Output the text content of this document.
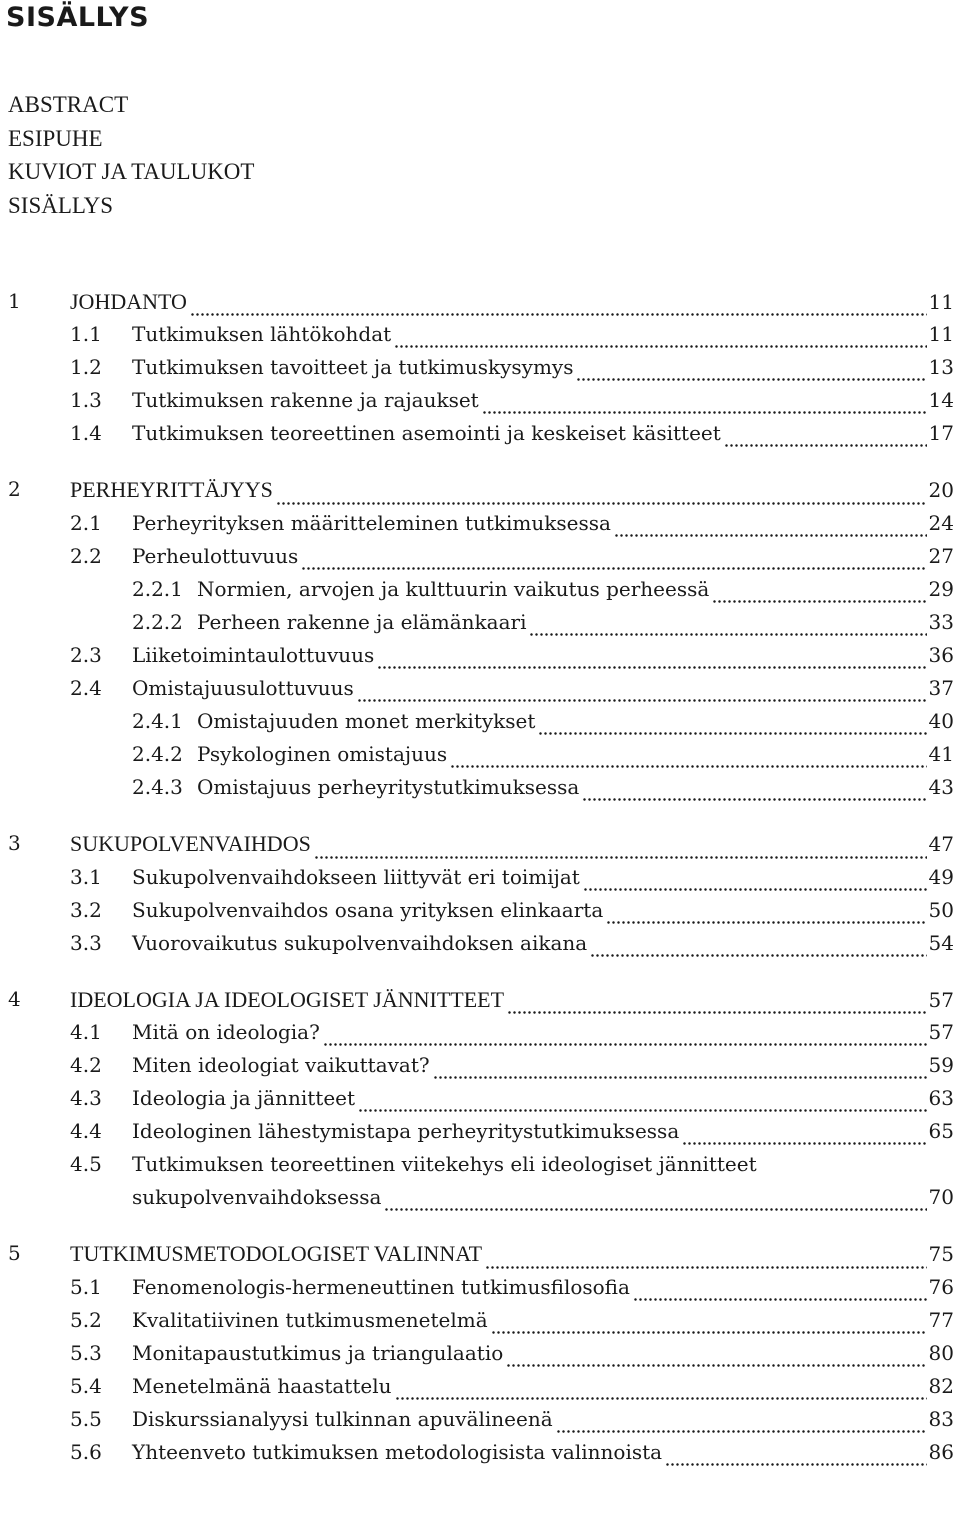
SISÄLLYS
ABSTRACT
ESIPUHE
KUVIOT JA TAULUKOT
SISÄLLYS
1 JOHDANTO	11
1.1 Tutkimuksen lähtökohdat	11
1.2 Tutkimuksen tavoitteet ja tutkimuskysymys	13
1.3 Tutkimuksen rakenne ja rajaukset	14
1.4 Tutkimuksen teoreettinen asemointi ja keskeiset käsitteet	17
2 PERHEYRITTÄJYYS	20
2.1 Perheyrityksen määritteleminen tutkimuksessa	24
2.2 Perheulottuvuus	27
2.2.1 Normien, arvojen ja kulttuurin vaikutus perheessä	29
2.2.2 Perheen rakenne ja elämänkaari	33
2.3 Liiketoimintaulottuvuus	36
2.4 Omistajuusulottuvuus	37
2.4.1 Omistajuuden monet merkitykset	40
2.4.2 Psykologinen omistajuus	41
2.4.3 Omistajuus perheyritystutkimuksessa	43
3 SUKUPOLVENVAIHDOS	47
3.1 Sukupolvenvaihdokseen liittyvät eri toimijat	49
3.2 Sukupolvenvaihdos osana yrityksen elinkaarta	50
3.3 Vuorovaikutus sukupolvenvaihdoksen aikana	54
4 IDEOLOGIA JA IDEOLOGISET JÄNNITTEET	57
4.1 Mitä on ideologia?	57
4.2 Miten ideologiat vaikuttavat?	59
4.3 Ideologia ja jännitteet	63
4.4 Ideologinen lähestymistapa perheyritystutkimuksessa	65
4.5 Tutkimuksen teoreettinen viitekehys eli ideologiset jännitteet
sukupolvenvaihdoksessa	70
5 TUTKIMUSMETODOLOGISET VALINNAT	75
5.1 Fenomenologis-hermeneuttinen tutkimusfilosofia	76
5.2 Kvalitatiivinen tutkimusmenetelmä	77
5.3 Monitapaustutkimus ja triangulaatio	80
5.4 Menetelmänä haastattelu	82
5.5 Diskurssianalyysi tulkinnan apuvälineenä	83
5.6 Yhteenveto tutkimuksen metodologisista valinnoista	86
